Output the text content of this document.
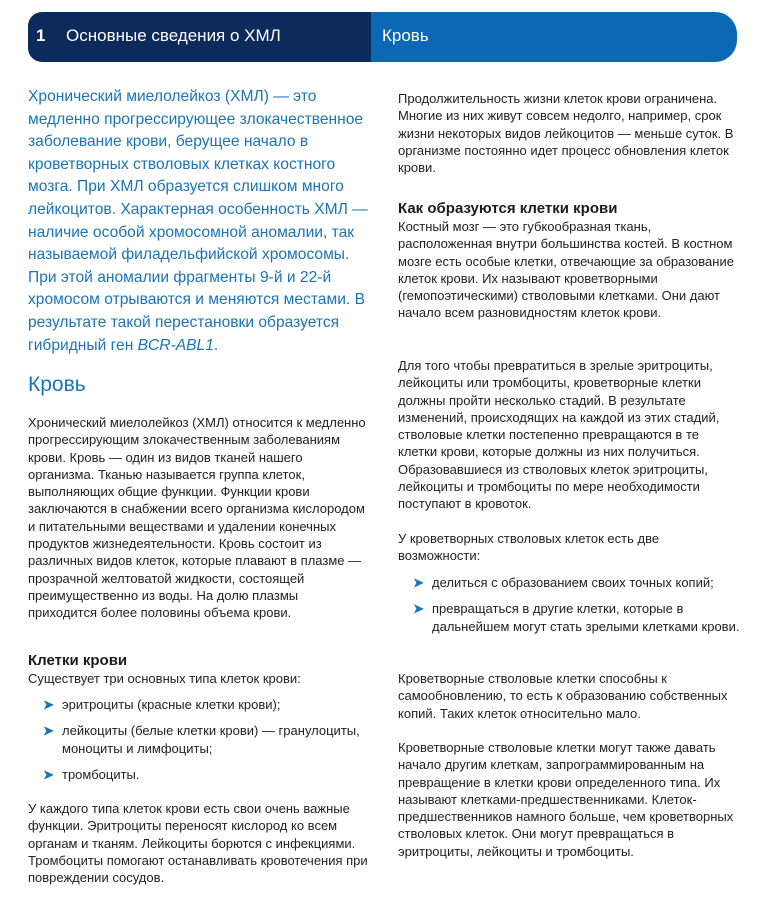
1 Основные сведения о ХМЛ	Кровь

Хронический миелолейкоз (ХМЛ) — это медленно прогрессирующее злокачественное заболевание крови, берущее начало в кроветворных стволовых клетках костного мозга. При ХМЛ образуется слишком много лейкоцитов. Характерная особенность ХМЛ — наличие особой хромосомной аномалии, так называемой филадельфийской хромосомы. При этой аномалии фрагменты 9-й и 22-й хромосом отрываются и меняются местами. В результате такой перестановки образуется гибридный ген BCR-ABL1.

Кровь

Хронический миелолейкоз (ХМЛ) относится к медленно прогрессирующим злокачественным заболеваниям крови. Кровь — один из видов тканей нашего организма. Тканью называется группа клеток, выполняющих общие функции. Функции крови заключаются в снабжении всего организма кислородом и питательными веществами и удалении конечных продуктов жизнедеятельности. Кровь состоит из различных видов клеток, которые плавают в плазме — прозрачной желтоватой жидкости, состоящей преимущественно из воды. На долю плазмы приходится более половины объема крови.

Клетки крови

Существует три основных типа клеток крови:

➤ эритроциты (красные клетки крови);
➤ лейкоциты (белые клетки крови) — гранулоциты, моноциты и лимфоциты;
➤ тромбоциты.

У каждого типа клеток крови есть свои очень важные функции. Эритроциты переносят кислород ко всем органам и тканям. Лейкоциты борются с инфекциями. Тромбоциты помогают останавливать кровотечения при повреждении сосудов.

Продолжительность жизни клеток крови ограничена. Многие из них живут совсем недолго, например, срок жизни некоторых видов лейкоцитов — меньше суток. В организме постоянно идет процесс обновления клеток крови.

Как образуются клетки крови

Костный мозг — это губкообразная ткань, расположенная внутри большинства костей. В костном мозге есть особые клетки, отвечающие за образование клеток крови. Их называют кроветворными (гемопоэтическими) стволовыми клетками. Они дают начало всем разновидностям клеток крови.

Для того чтобы превратиться в зрелые эритроциты, лейкоциты или тромбоциты, кроветворные клетки должны пройти несколько стадий. В результате изменений, происходящих на каждой из этих стадий, стволовые клетки постепенно превращаются в те клетки крови, которые должны из них получиться. Образовавшиеся из стволовых клеток эритроциты, лейкоциты и тромбоциты по мере необходимости поступают в кровоток.

У кроветворных стволовых клеток есть две возможности:

➤ делиться с образованием своих точных копий;
➤ превращаться в другие клетки, которые в дальнейшем могут стать зрелыми клетками крови.

Кроветворные стволовые клетки способны к самообновлению, то есть к образованию собственных копий. Таких клеток относительно мало.

Кроветворные стволовые клетки могут также давать начало другим клеткам, запрограммированным на превращение в клетки крови определенного типа. Их называют клетками-предшественниками. Клеток-предшественников намного больше, чем кроветворных стволовых клеток. Они могут превращаться в эритроциты, лейкоциты и тромбоциты.
